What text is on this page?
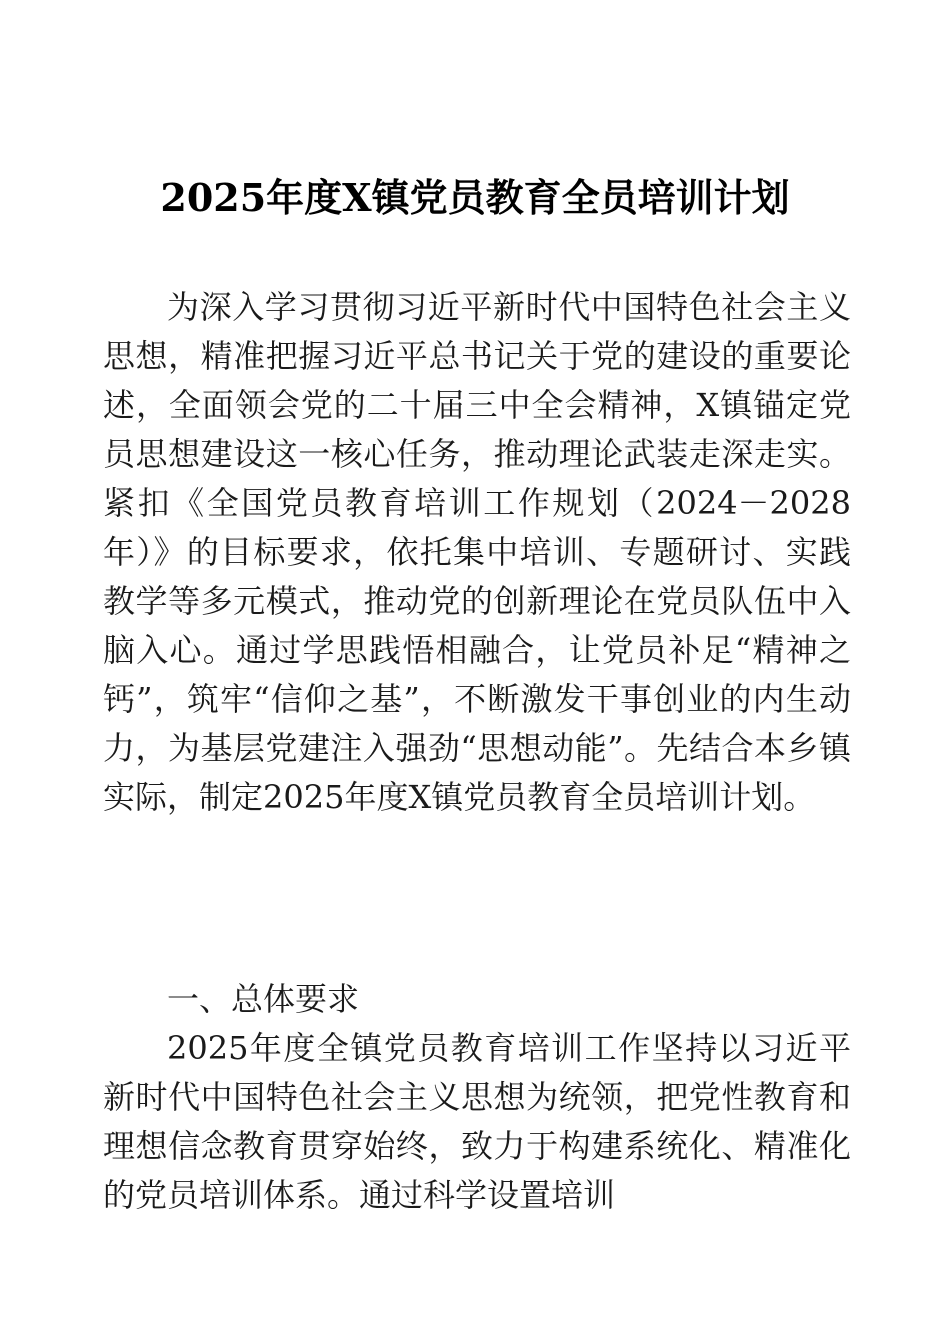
2025年度X镇党员教育全员培训计划

为深入学习贯彻习近平新时代中国特色社会主义思想，精准把握习近平总书记关于党的建设的重要论述，全面领会党的二十届三中全会精神，X镇锚定党员思想建设这一核心任务，推动理论武装走深走实。紧扣《全国党员教育培训工作规划（2024－2028年）》的目标要求，依托集中培训、专题研讨、实践教学等多元模式，推动党的创新理论在党员队伍中入脑入心。通过学思践悟相融合，让党员补足“精神之钙”，筑牢“信仰之基”，不断激发干事创业的内生动力，为基层党建注入强劲“思想动能”。先结合本乡镇实际，制定2025年度X镇党员教育全员培训计划。

一、总体要求

2025年度全镇党员教育培训工作坚持以习近平新时代中国特色社会主义思想为统领，把党性教育和理想信念教育贯穿始终，致力于构建系统化、精准化的党员培训体系。通过科学设置培训
